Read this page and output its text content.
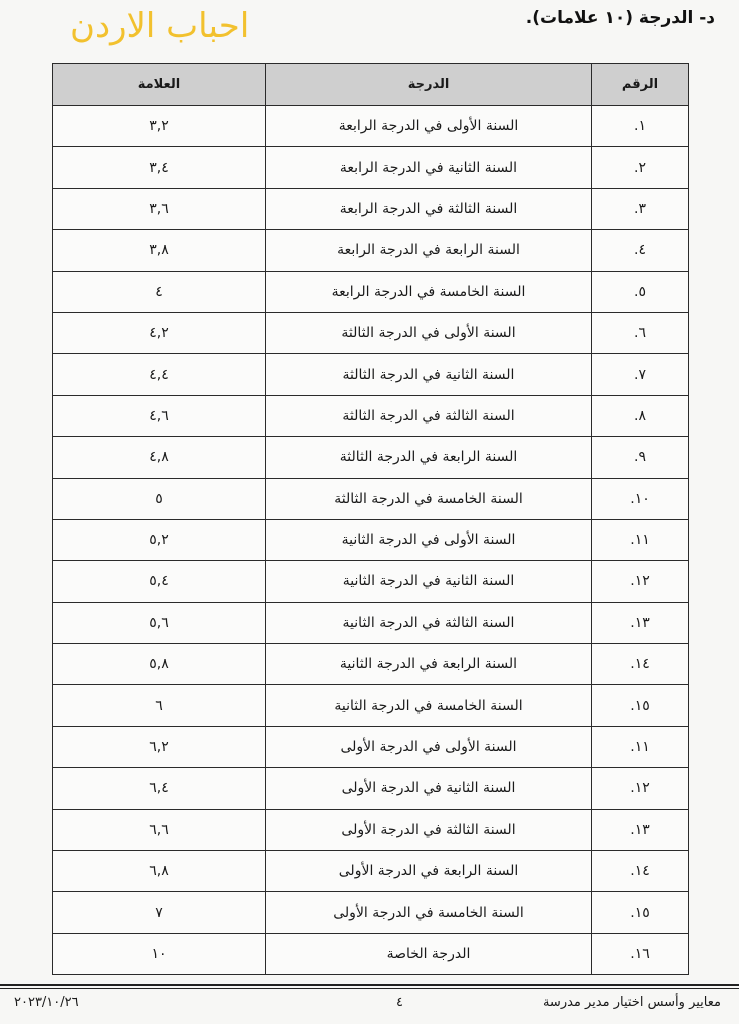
احباب الاردن	د- الدرجة (١٠ علامات).
الرقم	الدرجة	العلامة
١.	السنة الأولى في الدرجة الرابعة	٣,٢
٢.	السنة الثانية في الدرجة الرابعة	٣,٤
٣.	السنة الثالثة في الدرجة الرابعة	٣,٦
٤.	السنة الرابعة في الدرجة الرابعة	٣,٨
٥.	السنة الخامسة في الدرجة الرابعة	٤
٦.	السنة الأولى في الدرجة الثالثة	٤,٢
٧.	السنة الثانية في الدرجة الثالثة	٤,٤
٨.	السنة الثالثة في الدرجة الثالثة	٤,٦
٩.	السنة الرابعة في الدرجة الثالثة	٤,٨
١٠.	السنة الخامسة في الدرجة الثالثة	٥
١١.	السنة الأولى في الدرجة الثانية	٥,٢
١٢.	السنة الثانية في الدرجة الثانية	٥,٤
١٣.	السنة الثالثة في الدرجة الثانية	٥,٦
١٤.	السنة الرابعة في الدرجة الثانية	٥,٨
١٥.	السنة الخامسة في الدرجة الثانية	٦
١١.	السنة الأولى في الدرجة الأولى	٦,٢
١٢.	السنة الثانية في الدرجة الأولى	٦,٤
١٣.	السنة الثالثة في الدرجة الأولى	٦,٦
١٤.	السنة الرابعة في الدرجة الأولى	٦,٨
١٥.	السنة الخامسة في الدرجة الأولى	٧
١٦.	الدرجة الخاصة	١٠
٢٠٢٣/١٠/٢٦	٤	معايير وأسس اختيار مدير مدرسة
